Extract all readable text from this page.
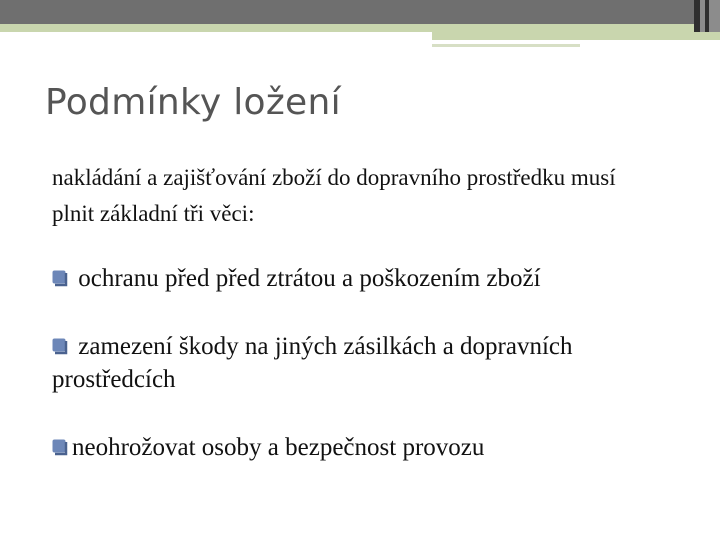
Podmínky ložení
nakládání a zajišťování zboží do dopravního prostředku musí plnit základní tři věci:
ochranu před před ztrátou a poškozením zboží
zamezení škody na jiných zásilkách a dopravních prostředcích
neohrožovat osoby a bezpečnost provozu
